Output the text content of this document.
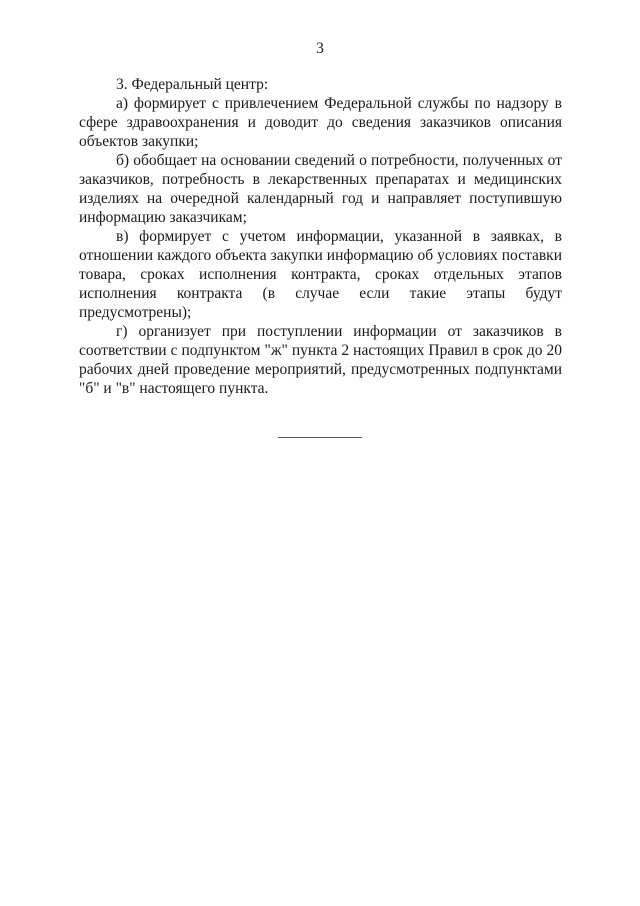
3

3. Федеральный центр:

а) формирует с привлечением Федеральной службы по надзору в сфере здравоохранения и доводит до сведения заказчиков описания объектов закупки;

б) обобщает на основании сведений о потребности, полученных от заказчиков, потребность в лекарственных препаратах и медицинских изделиях на очередной календарный год и направляет поступившую информацию заказчикам;

в) формирует с учетом информации, указанной в заявках, в отношении каждого объекта закупки информацию об условиях поставки товара, сроках исполнения контракта, сроках отдельных этапов исполнения контракта (в случае если такие этапы будут предусмотрены);

г) организует при поступлении информации от заказчиков в соответствии с подпунктом "ж" пункта 2 настоящих Правил в срок до 20 рабочих дней проведение мероприятий, предусмотренных подпунктами "б" и "в" настоящего пункта.
